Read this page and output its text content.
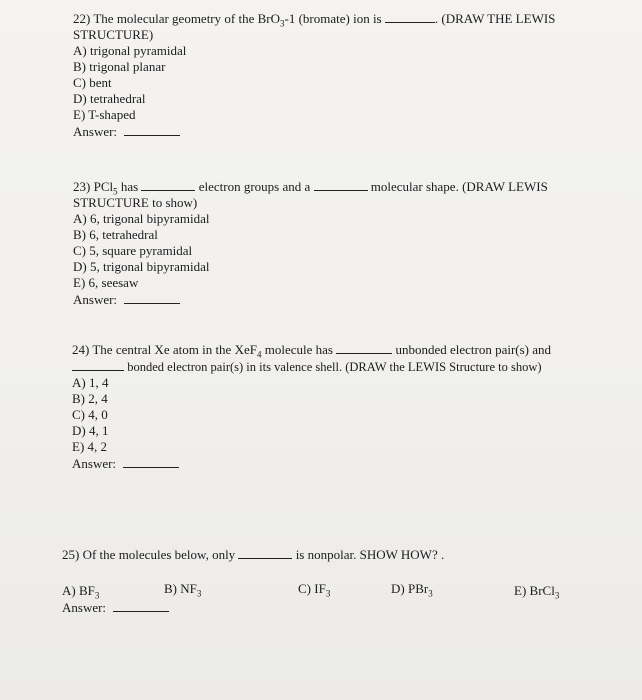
22) The molecular geometry of the BrO$_3$-1 (bromate) ion is	. (DRAW THE LEWIS
STRUCTURE)
A) trigonal pyramidal
B) trigonal planar
C) bent
D) tetrahedral
E) T-shaped
Answer:
23) PCl$_5$ has	electron groups and a	molecular shape. (DRAW LEWIS
STRUCTURE to show)
A) 6, trigonal bipyramidal
B) 6, tetrahedral
C) 5, square pyramidal
D) 5, trigonal bipyramidal
E) 6, seesaw
Answer:
24) The central Xe atom in the XeF$_4$ molecule has	unbonded electron pair(s) and
bonded electron pair(s) in its valence shell. (DRAW the LEWIS Structure to show)
A) 1, 4
B) 2, 4
C) 4, 0
D) 4, 1
E) 4, 2
Answer:
25) Of the molecules below, only	is nonpolar. SHOW HOW? .
A) $BF_3$	B) $NF_3$	C) $IF_3$	D) PBr$_3$	E) BrCl$_3$
Answer:
